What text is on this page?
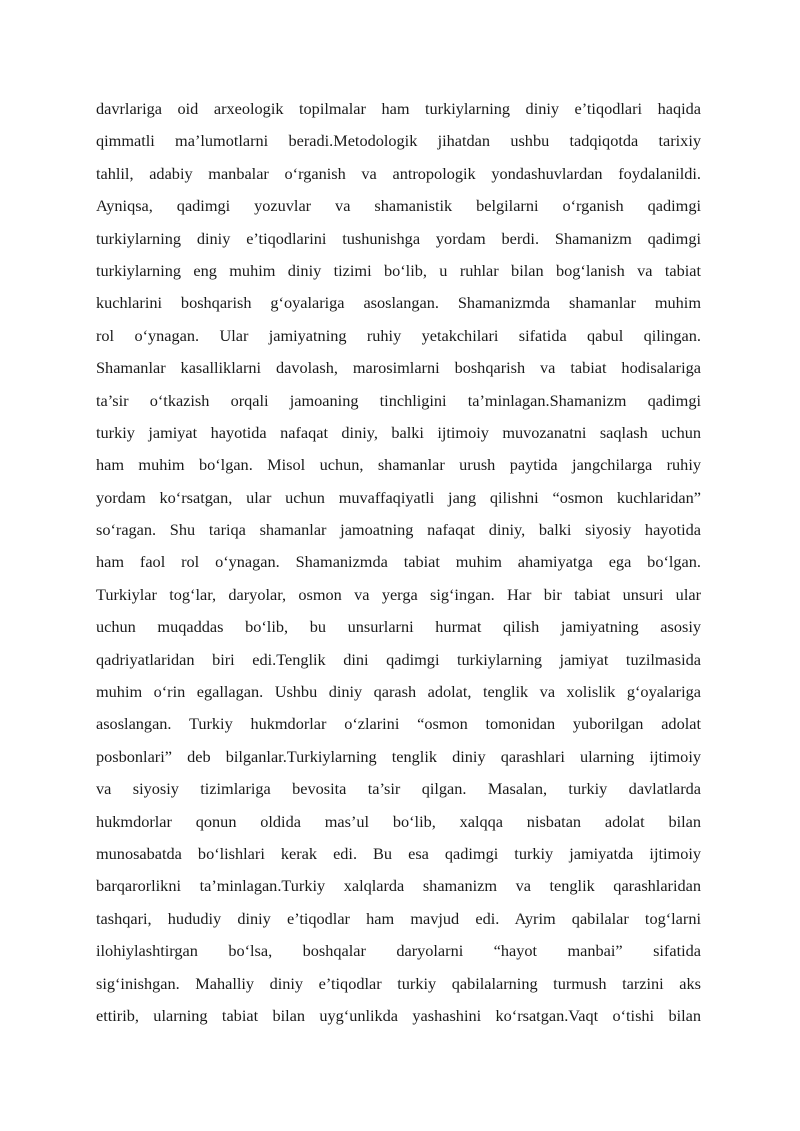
davrlariga oid arxeologik topilmalar ham turkiylarning diniy e’tiqodlari haqida
qimmatli ma’lumotlarni beradi.Metodologik jihatdan ushbu tadqiqotda tarixiy
tahlil, adabiy manbalar o‘rganish va antropologik yondashuvlardan foydalanildi.
Ayniqsa, qadimgi yozuvlar va shamanistik belgilarni o‘rganish qadimgi
turkiylarning diniy e’tiqodlarini tushunishga yordam berdi. Shamanizm qadimgi
turkiylarning eng muhim diniy tizimi bo‘lib, u ruhlar bilan bog‘lanish va tabiat
kuchlarini boshqarish g‘oyalariga asoslangan. Shamanizmda shamanlar muhim
rol o‘ynagan. Ular jamiyatning ruhiy yetakchilari sifatida qabul qilingan.
Shamanlar kasalliklarni davolash, marosimlarni boshqarish va tabiat hodisalariga
ta’sir o‘tkazish orqali jamoaning tinchligini ta’minlagan.Shamanizm qadimgi
turkiy jamiyat hayotida nafaqat diniy, balki ijtimoiy muvozanatni saqlash uchun
ham muhim bo‘lgan. Misol uchun, shamanlar urush paytida jangchilarga ruhiy
yordam ko‘rsatgan, ular uchun muvaffaqiyatli jang qilishni “osmon kuchlaridan”
so‘ragan. Shu tariqa shamanlar jamoatning nafaqat diniy, balki siyosiy hayotida
ham faol rol o‘ynagan. Shamanizmda tabiat muhim ahamiyatga ega bo‘lgan.
Turkiylar tog‘lar, daryolar, osmon va yerga sig‘ingan. Har bir tabiat unsuri ular
uchun muqaddas bo‘lib, bu unsurlarni hurmat qilish jamiyatning asosiy
qadriyatlaridan biri edi.Tenglik dini qadimgi turkiylarning jamiyat tuzilmasida
muhim o‘rin egallagan. Ushbu diniy qarash adolat, tenglik va xolislik g‘oyalariga
asoslangan. Turkiy hukmdorlar o‘zlarini “osmon tomonidan yuborilgan adolat
posbonlari” deb bilganlar.Turkiylarning tenglik diniy qarashlari ularning ijtimoiy
va siyosiy tizimlariga bevosita ta’sir qilgan. Masalan, turkiy davlatlarda
hukmdorlar qonun oldida mas’ul bo‘lib, xalqqa nisbatan adolat bilan
munosabatda bo‘lishlari kerak edi. Bu esa qadimgi turkiy jamiyatda ijtimoiy
barqarorlikni ta’minlagan.Turkiy xalqlarda shamanizm va tenglik qarashlaridan
tashqari, hududiy diniy e’tiqodlar ham mavjud edi. Ayrim qabilalar tog‘larni
ilohiylashtirgan bo‘lsa, boshqalar daryolarni “hayot manbai” sifatida
sig‘inishgan. Mahalliy diniy e’tiqodlar turkiy qabilalarning turmush tarzini aks
ettirib, ularning tabiat bilan uyg‘unlikda yashashini ko‘rsatgan.Vaqt o‘tishi bilan
